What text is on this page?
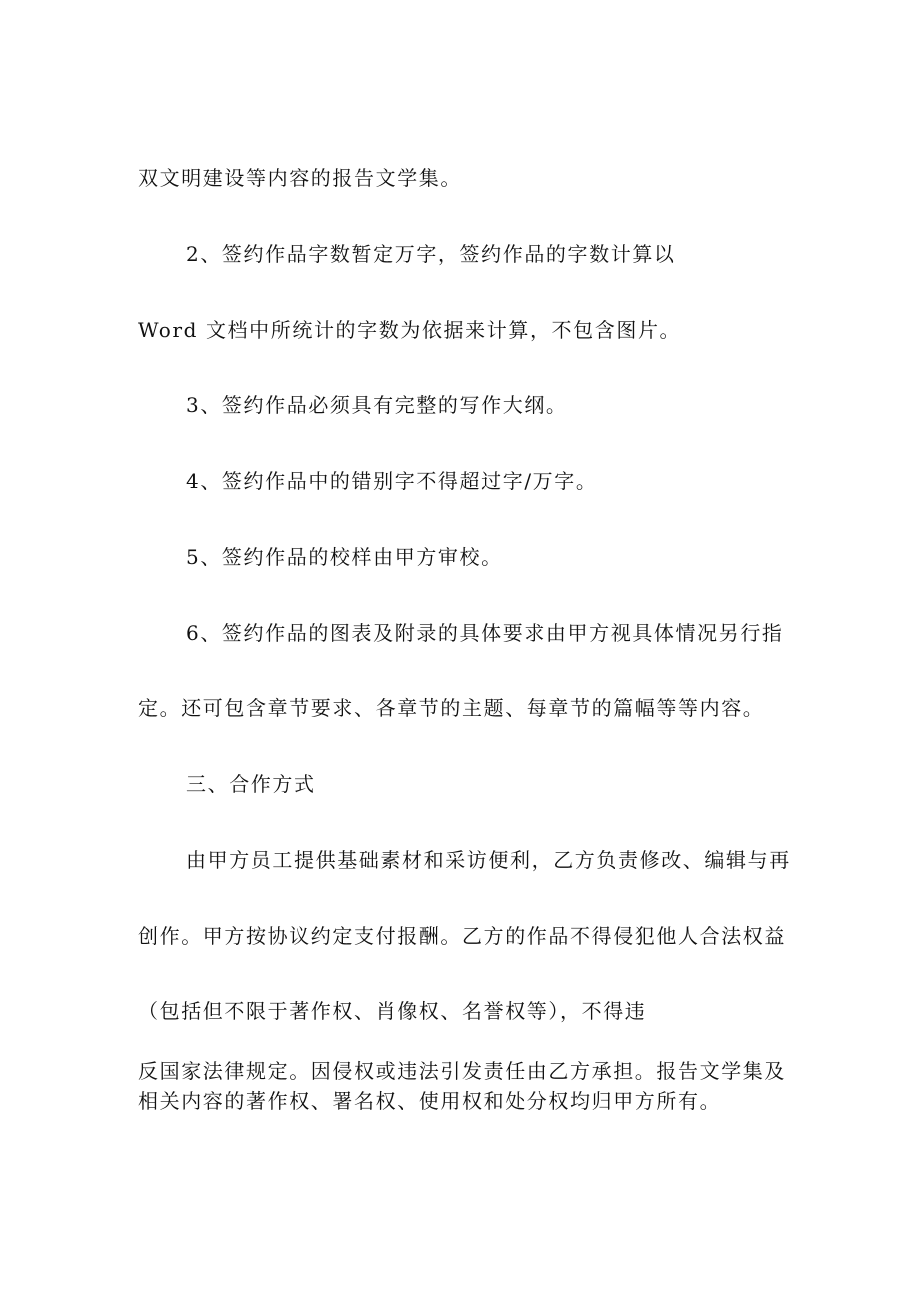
双文明建设等内容的报告文学集。

2、签约作品字数暂定万字，签约作品的字数计算以

Word 文档中所统计的字数为依据来计算，不包含图片。

3、签约作品必须具有完整的写作大纲。

4、签约作品中的错别字不得超过字/万字。

5、签约作品的校样由甲方审校。

6、签约作品的图表及附录的具体要求由甲方视具体情况另行指

定。还可包含章节要求、各章节的主题、每章节的篇幅等等内容。

三、合作方式

由甲方员工提供基础素材和采访便利，乙方负责修改、编辑与再

创作。甲方按协议约定支付报酬。乙方的作品不得侵犯他人合法权益

（包括但不限于著作权、肖像权、名誉权等），不得违

反国家法律规定。因侵权或违法引发责任由乙方承担。报告文学集及

相关内容的著作权、署名权、使用权和处分权均归甲方所有。
